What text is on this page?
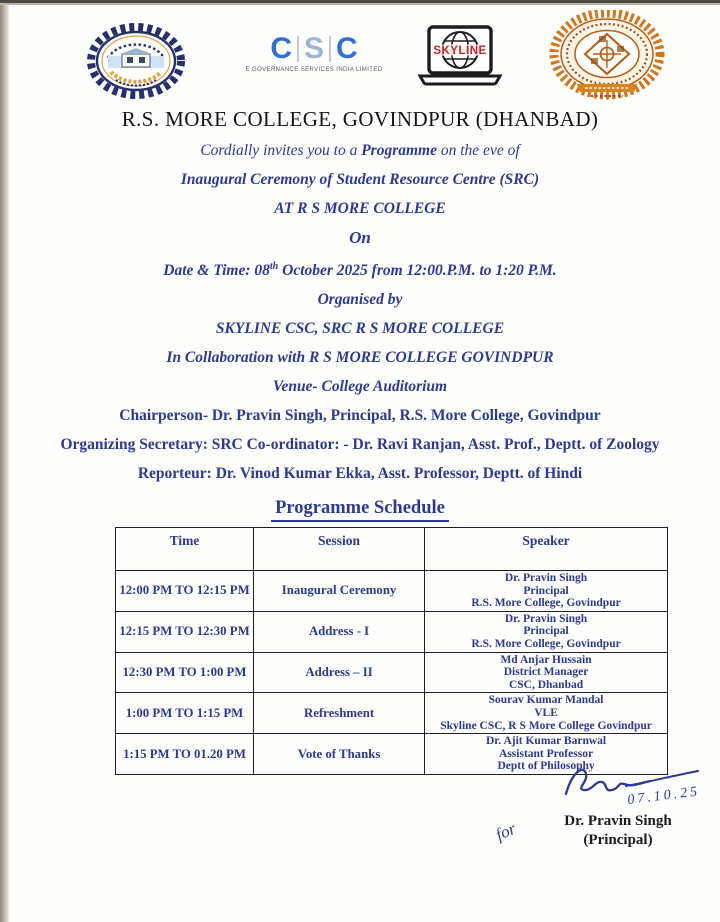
C S C
E GOVERNANCE SERVICES INDIA LIMITED
SKYLINE
R.S. MORE COLLEGE, GOVINDPUR (DHANBAD)
Cordially invites you to a Programme on the eve of
Inaugural Ceremony of Student Resource Centre (SRC)
AT R S MORE COLLEGE
On
Date & Time: 08th October 2025 from 12:00.P.M. to 1:20 P.M.
Organised by
SKYLINE CSC, SRC R S MORE COLLEGE
In Collaboration with R S MORE COLLEGE GOVINDPUR
Venue- College Auditorium
Chairperson- Dr. Pravin Singh, Principal, R.S. More College, Govindpur
Organizing Secretary: SRC Co-ordinator: - Dr. Ravi Ranjan, Asst. Prof., Deptt. of Zoology
Reporteur: Dr. Vinod Kumar Ekka, Asst. Professor, Deptt. of Hindi
Programme Schedule
Time	Session	Speaker
12:00 PM TO 12:15 PM	Inaugural Ceremony	Dr. Pravin Singh
Principal
R.S. More College, Govindpur

12:15 PM TO 12:30 PM	Address - I	Dr. Pravin Singh
Principal
R.S. More College, Govindpur

12:30 PM TO 1:00 PM	Address – II	Md Anjar Hussain
District Manager
CSC, Dhanbad

1:00 PM TO 1:15 PM	Refreshment	Sourav Kumar Mandal
VLE
Skyline CSC, R S More College Govindpur

1:15 PM TO 01.20 PM	Vote of Thanks	Dr. Ajit Kumar Barnwal
Assistant Professor
Deptt of Philosophy
07.10.25
Dr. Pravin Singh
(Principal)
for
